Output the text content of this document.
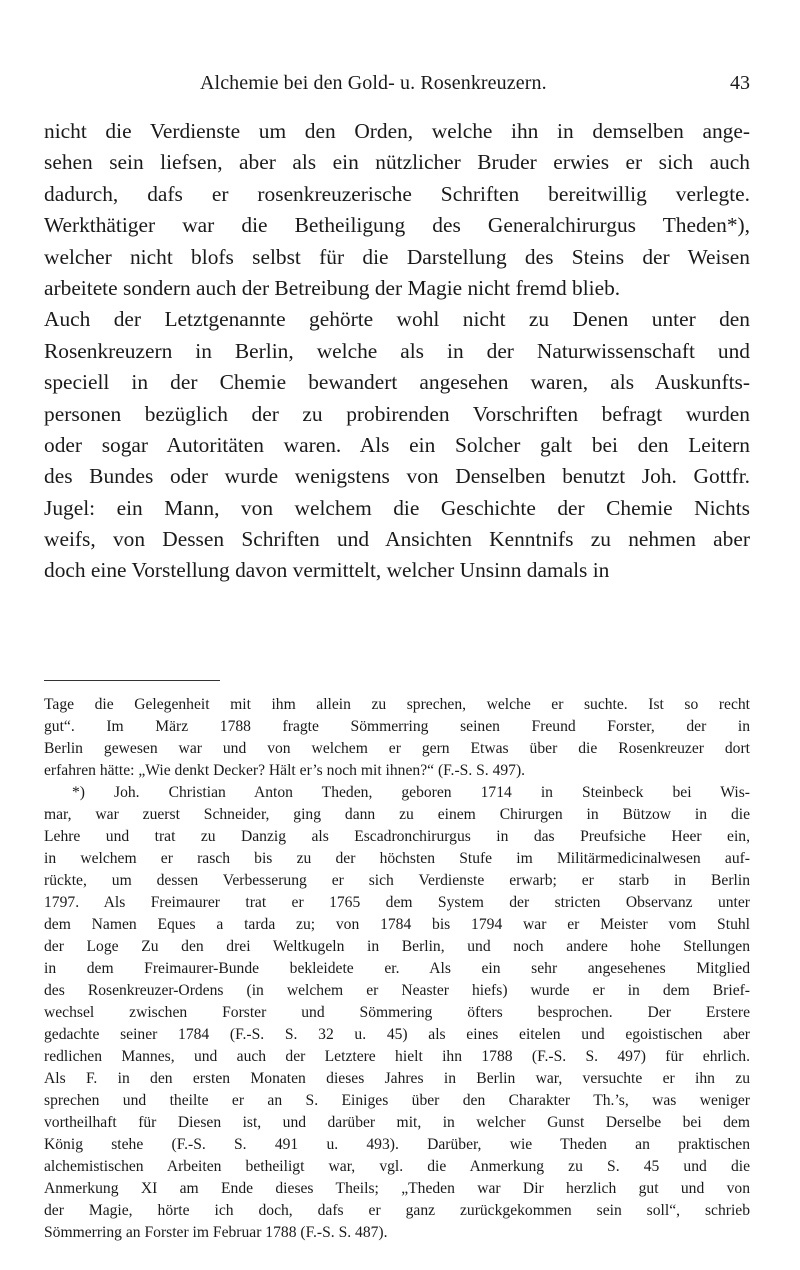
Alchemie bei den Gold- u. Rosenkreuzern.	43
nicht die Verdienste um den Orden, welche ihn in demselben ange-
sehen sein liefsen, aber als ein nützlicher Bruder erwies er sich auch
dadurch, dafs er rosenkreuzerische Schriften bereitwillig verlegte.
Werkthätiger war die Betheiligung des Generalchirurgus Theden*),
welcher nicht blofs selbst für die Darstellung des Steins der Weisen
arbeitete sondern auch der Betreibung der Magie nicht fremd blieb.
Auch der Letztgenannte gehörte wohl nicht zu Denen unter den
Rosenkreuzern in Berlin, welche als in der Naturwissenschaft und
speciell in der Chemie bewandert angesehen waren, als Auskunfts-
personen bezüglich der zu probirenden Vorschriften befragt wurden
oder sogar Autoritäten waren. Als ein Solcher galt bei den Leitern
des Bundes oder wurde wenigstens von Denselben benutzt Joh. Gottfr.
Jugel: ein Mann, von welchem die Geschichte der Chemie Nichts
weifs, von Dessen Schriften und Ansichten Kenntnifs zu nehmen aber
doch eine Vorstellung davon vermittelt, welcher Unsinn damals in
Tage die Gelegenheit mit ihm allein zu sprechen, welche er suchte. Ist so recht
gut“. Im März 1788 fragte Sömmerring seinen Freund Forster, der in
Berlin gewesen war und von welchem er gern Etwas über die Rosenkreuzer dort
erfahren hätte: „Wie denkt Decker? Hält er’s noch mit ihnen?“ (F.-S. S. 497).
*) Joh. Christian Anton Theden, geboren 1714 in Steinbeck bei Wis-
mar, war zuerst Schneider, ging dann zu einem Chirurgen in Bützow in die
Lehre und trat zu Danzig als Escadronchirurgus in das Preufsiche Heer ein,
in welchem er rasch bis zu der höchsten Stufe im Militärmedicinalwesen auf-
rückte, um dessen Verbesserung er sich Verdienste erwarb; er starb in Berlin
1797. Als Freimaurer trat er 1765 dem System der stricten Observanz unter
dem Namen Eques a tarda zu; von 1784 bis 1794 war er Meister vom Stuhl
der Loge Zu den drei Weltkugeln in Berlin, und noch andere hohe Stellungen
in dem Freimaurer-Bunde bekleidete er. Als ein sehr angesehenes Mitglied
des Rosenkreuzer-Ordens (in welchem er Neaster hiefs) wurde er in dem Brief-
wechsel zwischen Forster und Sömmering öfters besprochen. Der Erstere
gedachte seiner 1784 (F.-S. S. 32 u. 45) als eines eitelen und egoistischen aber
redlichen Mannes, und auch der Letztere hielt ihn 1788 (F.-S. S. 497) für ehrlich.
Als F. in den ersten Monaten dieses Jahres in Berlin war, versuchte er ihn zu
sprechen und theilte er an S. Einiges über den Charakter Th.’s, was weniger
vortheilhaft für Diesen ist, und darüber mit, in welcher Gunst Derselbe bei dem
König stehe (F.-S. S. 491 u. 493). Darüber, wie Theden an praktischen
alchemistischen Arbeiten betheiligt war, vgl. die Anmerkung zu S. 45 und die
Anmerkung XI am Ende dieses Theils; „Theden war Dir herzlich gut und von
der Magie, hörte ich doch, dafs er ganz zurückgekommen sein soll“, schrieb
Sömmerring an Forster im Februar 1788 (F.-S. S. 487).
